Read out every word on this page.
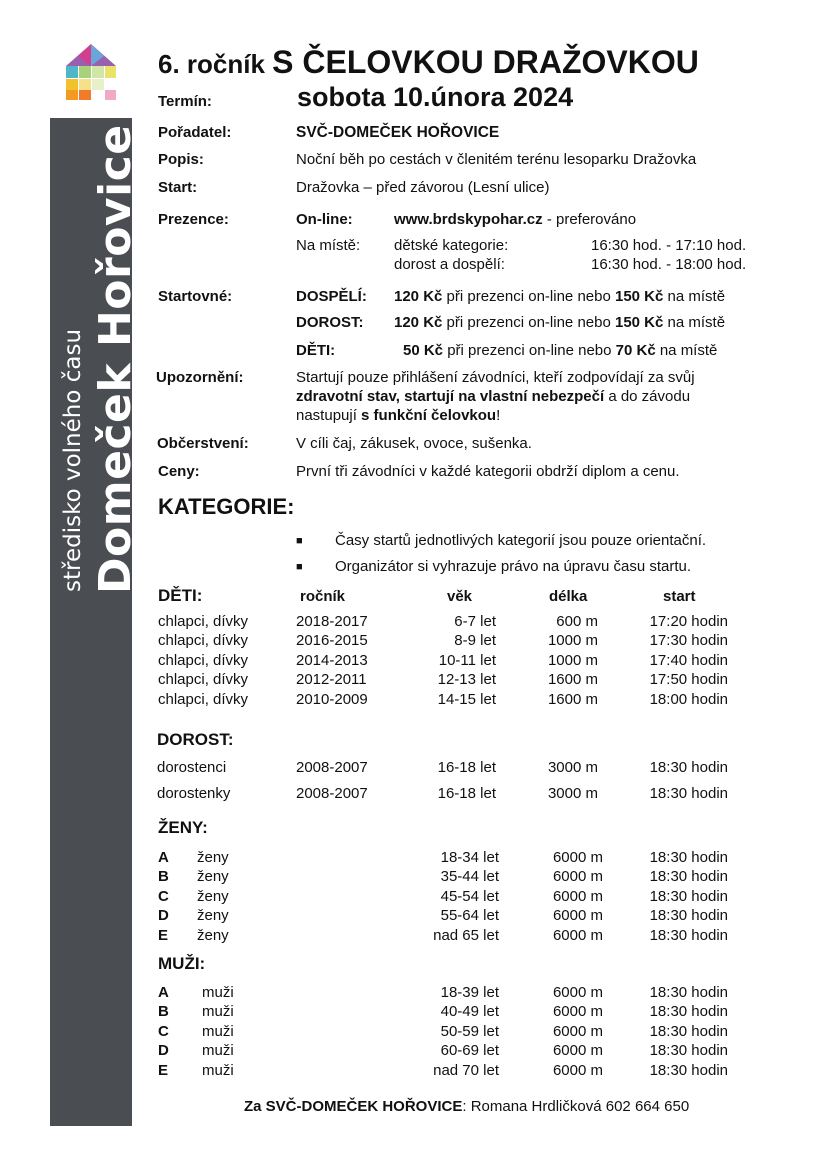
středisko volného času Domeček Hořovice
6. ročník S ČELOVKOU DRAŽOVKOU
Termín:	sobota 10.února 2024
Pořadatel:	SVČ-DOMEČEK HOŘOVICE
Popis:	Noční běh po cestách v členitém terénu lesoparku Dražovka
Start:	Dražovka – před závorou (Lesní ulice)
Prezence:	On-line:	www.brdskypohar.cz - preferováno
Na místě: dětské kategorie:	16:30 hod. - 17:10 hod.
dorost a dospělí:	16:30 hod. - 18:00 hod.
Startovné:	DOSPĚLÍ: 120 Kč při prezenci on-line nebo 150 Kč na místě
DOROST: 120 Kč při prezenci on-line nebo 150 Kč na místě
DĚTI:	50 Kč při prezenci on-line nebo 70 Kč na místě
Upozornění:	Startují pouze přihlášení závodníci, kteří zodpovídají za svůj
zdravotní stav, startují na vlastní nebezpečí a do závodu
nastupují s funkční čelovkou!
Občerstvení:	V cíli čaj, zákusek, ovoce, sušenka.
Ceny:	První tři závodníci v každé kategorii obdrží diplom a cenu.
KATEGORIE:
■ Časy startů jednotlivých kategorií jsou pouze orientační.
■ Organizátor si vyhrazuje právo na úpravu času startu.
DĚTI:	ročník	věk	délka	start
chlapci, dívky	2018-2017	6-7 let	600 m	17:20 hodin
chlapci, dívky	2016-2015	8-9 let	1000 m	17:30 hodin
chlapci, dívky	2014-2013	10-11 let	1000 m	17:40 hodin
chlapci, dívky	2012-2011	12-13 let	1600 m	17:50 hodin
chlapci, dívky	2010-2009	14-15 let	1600 m	18:00 hodin
DOROST:
dorostenci	2008-2007	16-18 let	3000 m	18:30 hodin
dorostenky	2008-2007	16-18 let	3000 m	18:30 hodin
ŽENY:
A ženy	18-34 let	6000 m	18:30 hodin
B ženy	35-44 let	6000 m	18:30 hodin
C ženy	45-54 let	6000 m	18:30 hodin
D ženy	55-64 let	6000 m	18:30 hodin
E ženy	nad 65 let	6000 m	18:30 hodin
MUŽI:
A muži	18-39 let	6000 m	18:30 hodin
B muži	40-49 let	6000 m	18:30 hodin
C muži	50-59 let	6000 m	18:30 hodin
D muži	60-69 let	6000 m	18:30 hodin
E muži	nad 70 let	6000 m	18:30 hodin
Za SVČ-DOMEČEK HOŘOVICE: Romana Hrdličková 602 664 650
